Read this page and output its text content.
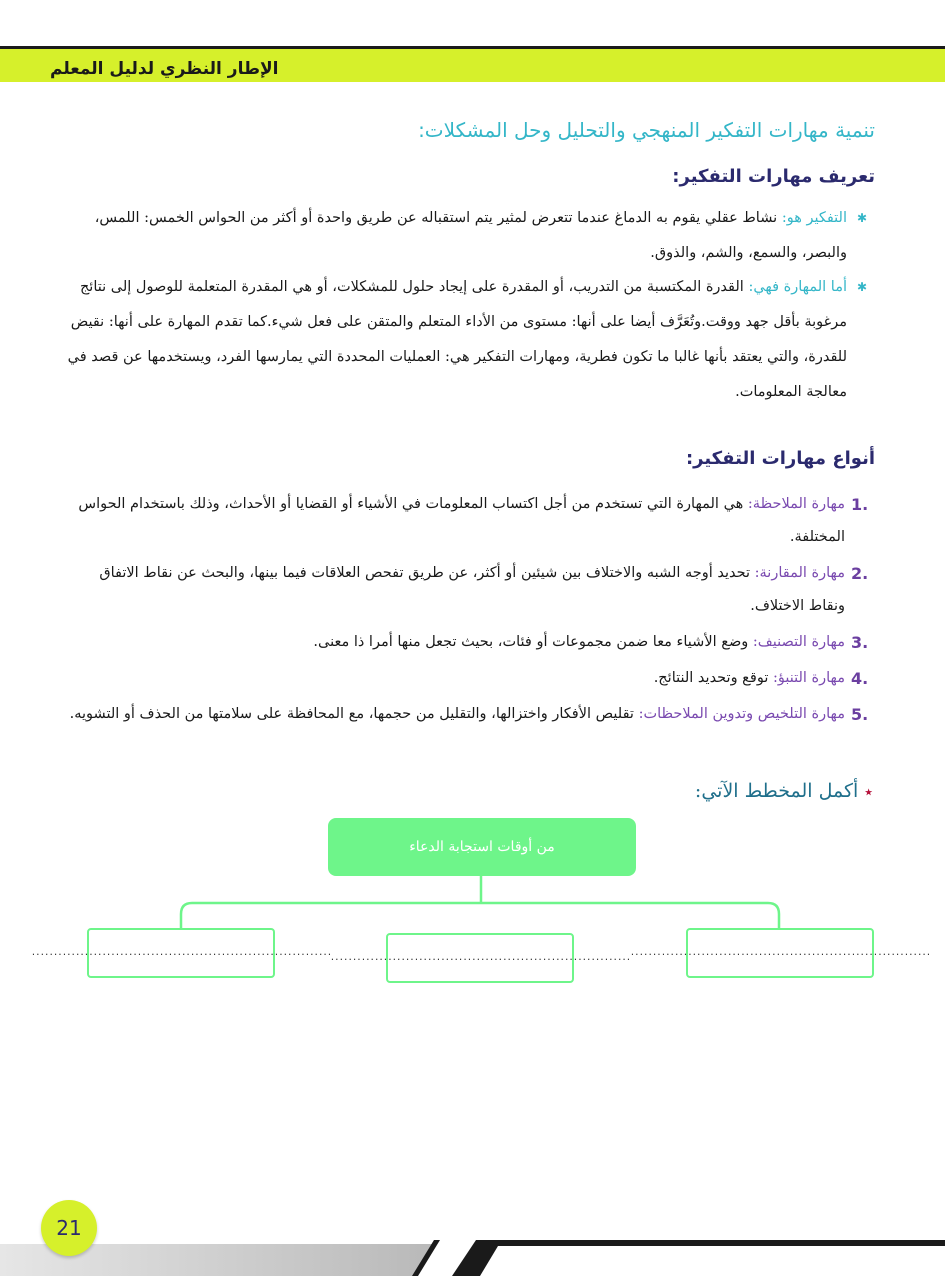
الإطار النظري لدليل المعلم
تنمية مهارات التفكير المنهجي والتحليل وحل المشكلات:
تعريف مهارات التفكير:

✱
التفكير هو: نشاط عقلي يقوم به الدماغ عندما تتعرض لمثير يتم استقباله عن طريق واحدة أو أكثر من الحواس الخمس: اللمس، والبصر، والسمع، والشم، والذوق.

✱
أما المهارة فهي: القدرة المكتسبة من التدريب، أو المقدرة على إيجاد حلول للمشكلات، أو هي المقدرة المتعلمة للوصول إلى نتائج مرغوبة بأقل جهد ووقت.وتُعَرَّف أيضا على أنها: مستوى من الأداء المتعلم والمتقن على فعل شيء.كما تقدم المهارة على أنها: نقيض للقدرة، والتي يعتقد بأنها غالبا ما تكون فطرية، ومهارات التفكير هي: العمليات المحددة التي يمارسها الفرد، ويستخدمها عن قصد في معالجة المعلومات.

أنواع مهارات التفكير:
1.
مهارة الملاحظة: هي المهارة التي تستخدم من أجل اكتساب المعلومات في الأشياء أو القضايا أو الأحداث، وذلك باستخدام الحواس المختلفة.
2.
مهارة المقارنة: تحديد أوجه الشبه والاختلاف بين شيئين أو أكثر، عن طريق تفحص العلاقات فيما بينها، والبحث عن نقاط الاتفاق ونقاط الاختلاف.
3.
مهارة التصنيف: وضع الأشياء معا ضمن مجموعات أو فئات، بحيث تجعل منها أمرا ذا معنى.
4.
مهارة التنبؤ: توقع وتحديد النتائج.
5.
مهارة التلخيص وتدوين الملاحظات: تقليص الأفكار واختزالها، والتقليل من حجمها، مع المحافظة على سلامتها من الحذف أو التشويه.
٭أكمل المخطط الآتي:
من أوقات استجابة الدعاء
....................................................................
.................................................................... ....................................................................
21
